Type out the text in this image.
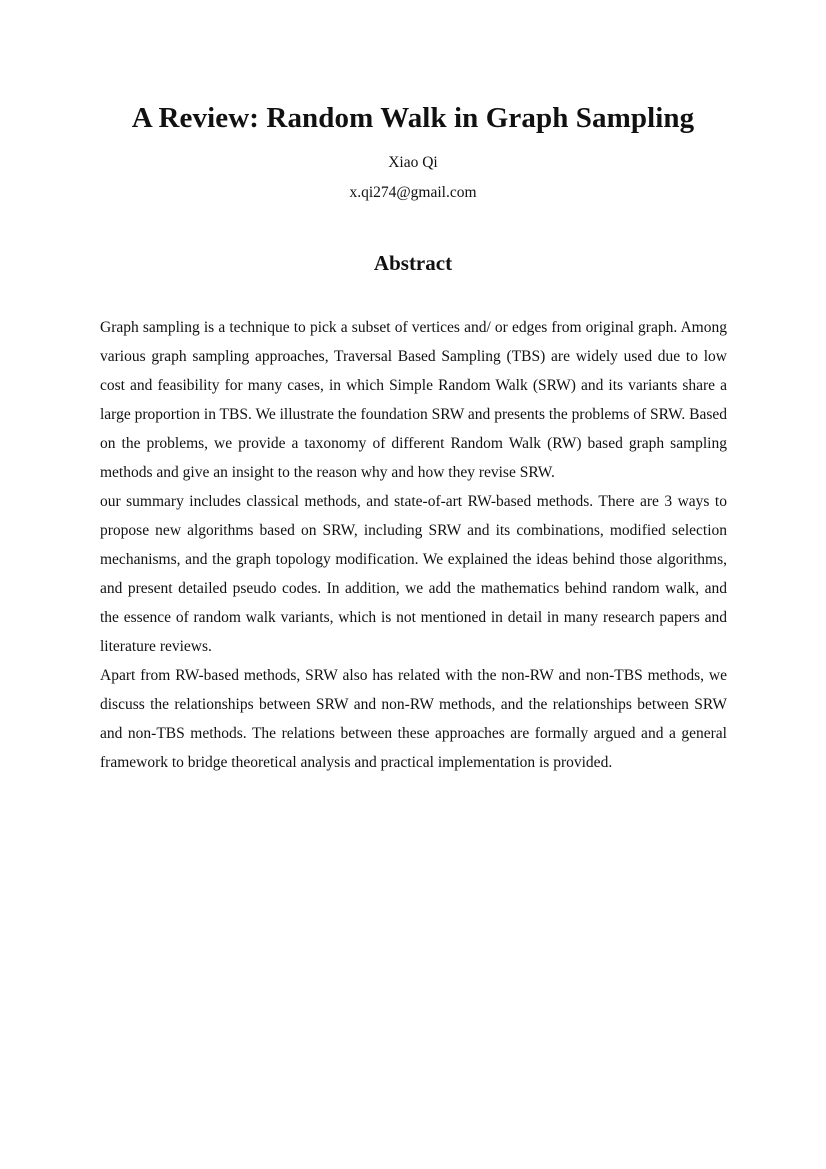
A Review: Random Walk in Graph Sampling
Xiao Qi
x.qi274@gmail.com
Abstract

Graph sampling is a technique to pick a subset of vertices and/ or edges from original graph. Among various graph sampling approaches, Traversal Based Sampling (TBS) are widely used due to low cost and feasibility for many cases, in which Simple Random Walk (SRW) and its variants share a large proportion in TBS. We illustrate the foundation SRW and presents the problems of SRW. Based on the problems, we provide a taxonomy of different Random Walk (RW) based graph sampling methods and give an insight to the reason why and how they revise SRW.

our summary includes classical methods, and state-of-art RW-based methods. There are 3 ways to propose new algorithms based on SRW, including SRW and its combinations, modified selection mechanisms, and the graph topology modification. We explained the ideas behind those algorithms, and present detailed pseudo codes. In addition, we add the mathematics behind random walk, and the essence of random walk variants, which is not mentioned in detail in many research papers and literature reviews.

Apart from RW-based methods, SRW also has related with the non-RW and non-TBS methods, we discuss the relationships between SRW and non-RW methods, and the relationships between SRW and non-TBS methods. The relations between these approaches are formally argued and a general framework to bridge theoretical analysis and practical implementation is provided.
